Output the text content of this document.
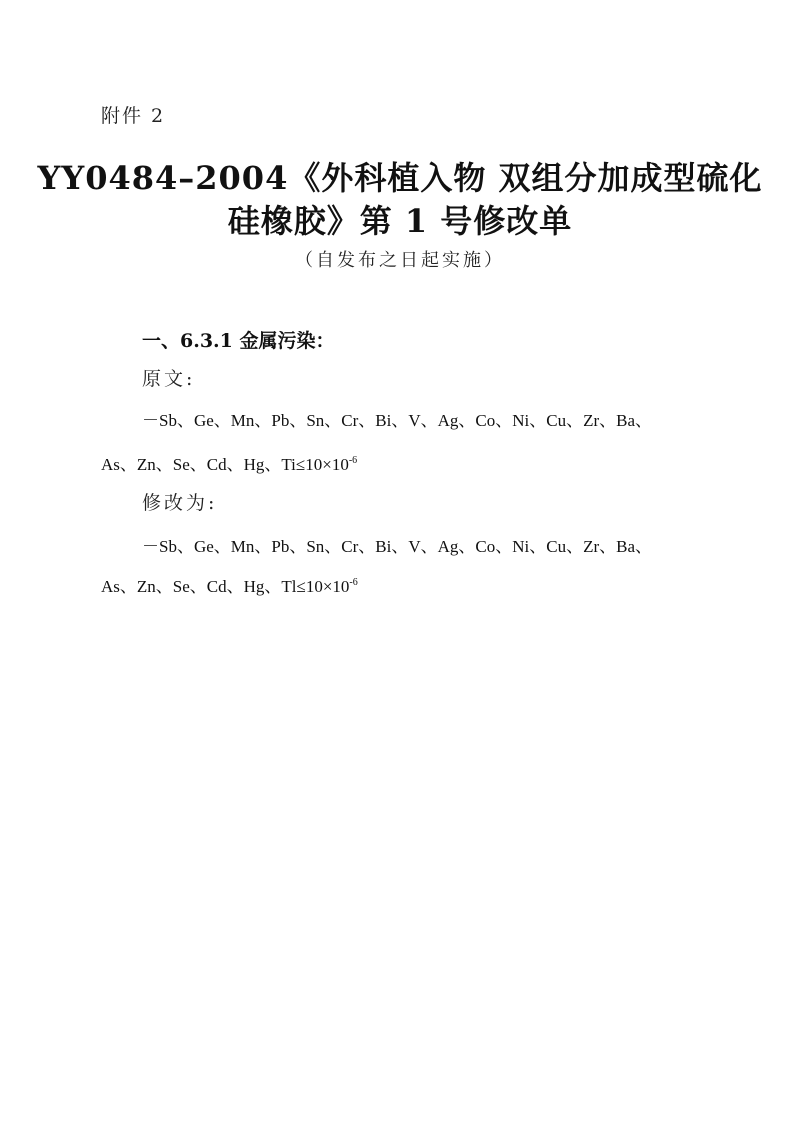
附件 2
YY0484–2004《外科植入物 双组分加成型硫化
硅橡胶》第 1 号修改单
（自发布之日起实施）
一、6.3.1 金属污染：
原文:
－Sb、Ge、Mn、Pb、Sn、Cr、Bi、V、Ag、Co、Ni、Cu、Zr、Ba、
As、Zn、Se、Cd、Hg、$Ti\le 10\times 10^{-6}$
修改为:
－Sb、Ge、Mn、Pb、Sn、Cr、Bi、V、Ag、Co、Ni、Cu、Zr、Ba、
As、Zn、Se、Cd、Hg、$Tl\le 10\times 10^{-6}$
